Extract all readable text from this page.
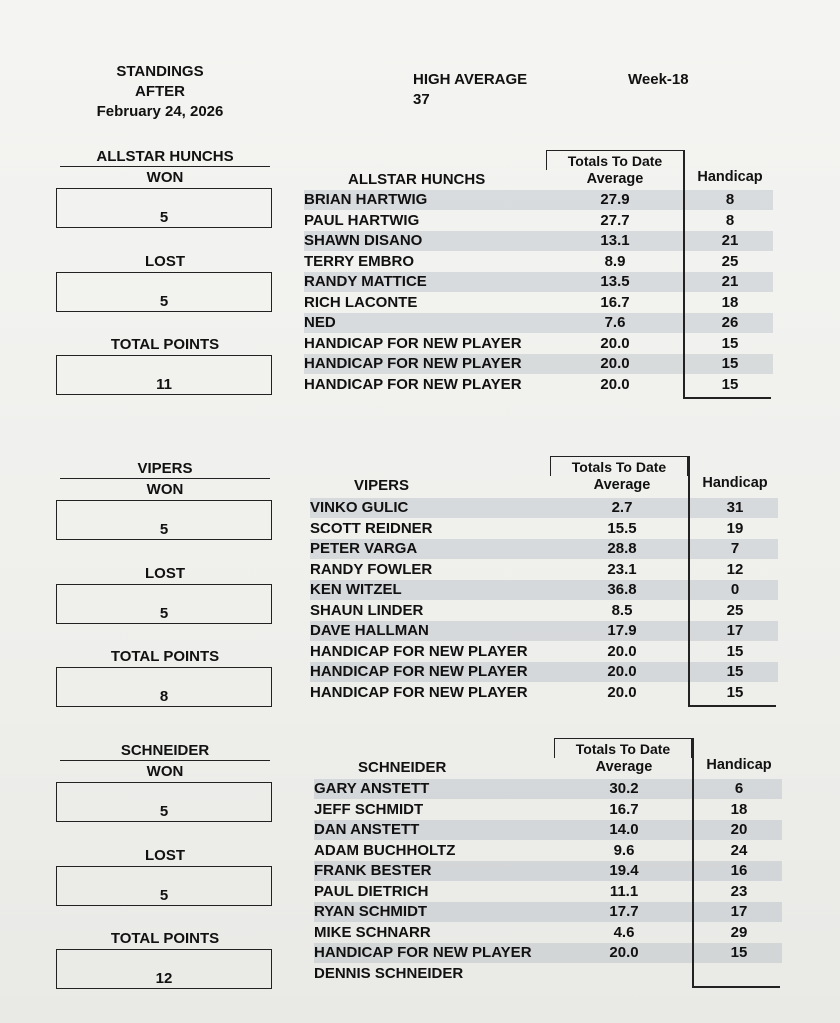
STANDINGS
AFTER
February 24, 2026
HIGH AVERAGE
37
Week-18
ALLSTAR HUNCHS
WON
5
LOST
5
TOTAL POINTS
11
Totals To Date
ALLSTAR HUNCHS	Average	Handicap
BRIAN HARTWIG	27.9	8
PAUL HARTWIG	27.7	8
SHAWN DISANO	13.1	21
TERRY EMBRO	8.9	25
RANDY MATTICE	13.5	21
RICH LACONTE	16.7	18
NED	7.6	26
HANDICAP FOR NEW PLAYER	20.0	15
HANDICAP FOR NEW PLAYER	20.0	15
HANDICAP FOR NEW PLAYER	20.0	15
VIPERS
WON
5
LOST
5
TOTAL POINTS
8
Totals To Date
VIPERS	Average	Handicap
VINKO GULIC	2.7	31
SCOTT REIDNER	15.5	19
PETER VARGA	28.8	7
RANDY FOWLER	23.1	12
KEN WITZEL	36.8	0
SHAUN LINDER	8.5	25
DAVE HALLMAN	17.9	17
HANDICAP FOR NEW PLAYER	20.0	15
HANDICAP FOR NEW PLAYER	20.0	15
HANDICAP FOR NEW PLAYER	20.0	15
SCHNEIDER
WON
5
LOST
5
TOTAL POINTS
12
Totals To Date
SCHNEIDER	Average	Handicap
GARY ANSTETT	30.2	6
JEFF SCHMIDT	16.7	18
DAN ANSTETT	14.0	20
ADAM BUCHHOLTZ	9.6	24
FRANK BESTER	19.4	16
PAUL DIETRICH	11.1	23
RYAN SCHMIDT	17.7	17
MIKE SCHNARR	4.6	29
HANDICAP FOR NEW PLAYER	20.0	15
DENNIS SCHNEIDER
